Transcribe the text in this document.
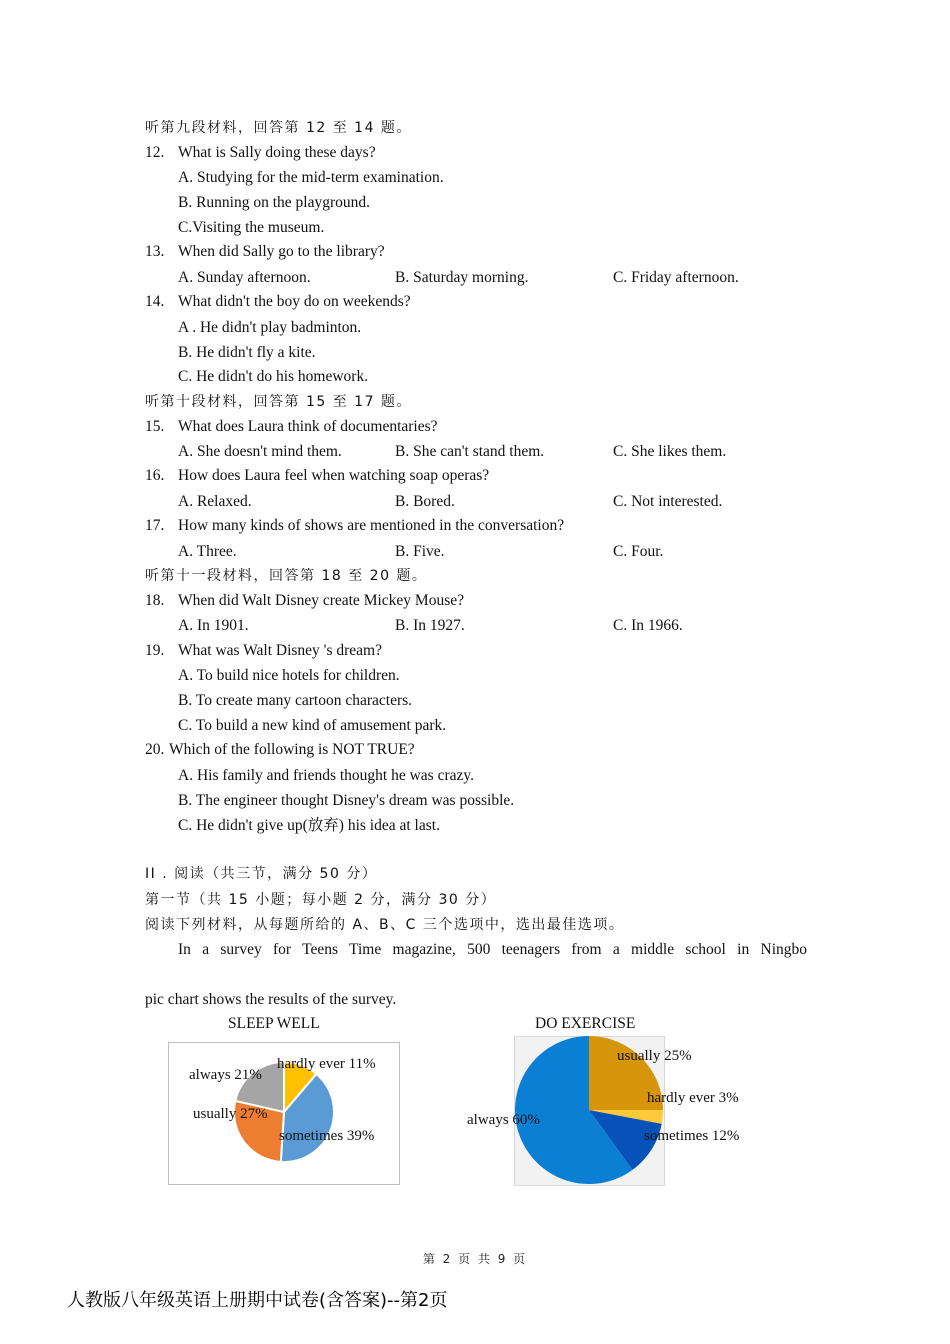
听第九段材料，回答第 12 至 14 题。
12. What is Sally doing these days?
A. Studying for the mid-term examination.
B. Running on the playground.
C.Visiting the museum.
13. When did Sally go to the library?
A. Sunday afternoon.	B. Saturday morning.	C. Friday afternoon.
14. What didn't the boy do on weekends?
A . He didn't play badminton.
B. He didn't fly a kite.
C. He didn't do his homework.
听第十段材料，回答第 15 至 17 题。
15. What does Laura think of documentaries?
A. She doesn't mind them.	B. She can't stand them.	C. She likes them.
16. How does Laura feel when watching soap operas?
A. Relaxed.	B. Bored.	C. Not interested.
17. How many kinds of shows are mentioned in the conversation?
A. Three.	B. Five.	C. Four.
听第十一段材料，回答第 18 至 20 题。
18. When did Walt Disney create Mickey Mouse?
A. In 1901.	B. In 1927.	C. In 1966.
19. What was Walt Disney 's dream?
A. To build nice hotels for children.
B. To create many cartoon characters.
C. To build a new kind of amusement park.
20. Which of the following is NOT TRUE?
A. His family and friends thought he was crazy.
B. The engineer thought Disney's dream was possible.
C. He didn't give up(放弃) his idea at last.
II . 阅读（共三节，满分 50 分）
第一节（共 15 小题；每小题 2 分，满分 30 分）
阅读下列材料，从每题所给的 A、B、C 三个选项中，选出最佳选项。
In a survey for Teens Time magazine, 500 teenagers from a middle school in Ningbo
pic chart shows the results of the survey.
SLEEP WELL
hardly ever 11%
sometimes 39%
usually 27%
always 21%
DO EXERCISE
usually 25%
hardly ever 3%
sometimes 12%
always 60%
第 2 页 共 9 页
人教版八年级英语上册期中试卷(含答案)--第2页
